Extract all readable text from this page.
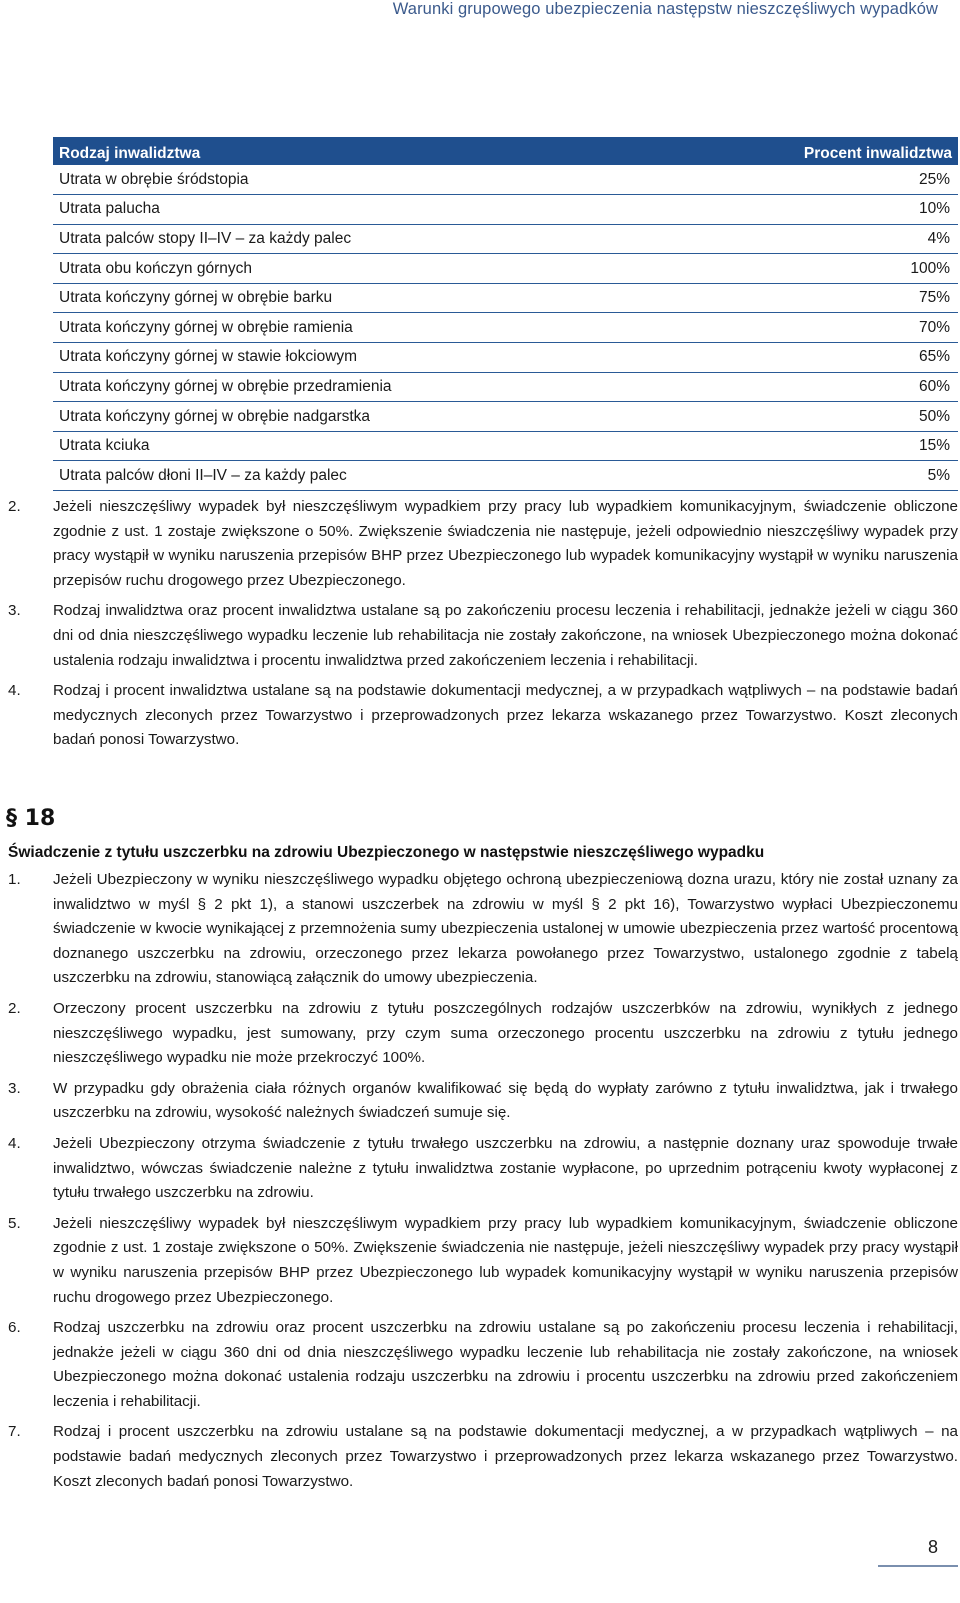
Warunki grupowego ubezpieczenia następstw nieszczęśliwych wypadków
Rodzaj inwalidztwa	Procent inwalidztwa

Utrata w obrębie śródstopia	25%
Utrata palucha	10%
Utrata palców stopy II–IV – za każdy palec	4%
Utrata obu kończyn górnych	100%
Utrata kończyny górnej w obrębie barku	75%
Utrata kończyny górnej w obrębie ramienia	70%
Utrata kończyny górnej w stawie łokciowym	65%
Utrata kończyny górnej w obrębie przedramienia	60%
Utrata kończyny górnej w obrębie nadgarstka	50%
Utrata kciuka	15%
Utrata palców dłoni II–IV – za każdy palec	5%
2. Jeżeli nieszczęśliwy wypadek był nieszczęśliwym wypadkiem przy pracy lub wypadkiem komunikacyjnym, świadczenie obliczone zgodnie z ust. 1 zostaje zwiększone o 50%. Zwiększenie świadczenia nie następuje, jeżeli odpowiednio nieszczęśliwy wypadek przy pracy wystąpił w wyniku naruszenia przepisów BHP przez Ubezpieczonego lub wypadek komunikacyjny wystąpił w wyniku naruszenia przepisów ruchu drogowego przez Ubezpieczonego.
3. Rodzaj inwalidztwa oraz procent inwalidztwa ustalane są po zakończeniu procesu leczenia i rehabilitacji, jednakże jeżeli w ciągu 360 dni od dnia nieszczęśliwego wypadku leczenie lub rehabilitacja nie zostały zakończone, na wniosek Ubezpieczonego można dokonać ustalenia rodzaju inwalidztwa i procentu inwalidztwa przed zakończeniem leczenia i rehabilitacji.
4. Rodzaj i procent inwalidztwa ustalane są na podstawie dokumentacji medycznej, a w przypadkach wątpliwych – na podstawie badań medycznych zleconych przez Towarzystwo i przeprowadzonych przez lekarza wskazanego przez Towarzystwo. Koszt zleconych badań ponosi Towarzystwo.
§ 18
Świadczenie z tytułu uszczerbku na zdrowiu Ubezpieczonego w następstwie nieszczęśliwego wypadku
1. Jeżeli Ubezpieczony w wyniku nieszczęśliwego wypadku objętego ochroną ubezpieczeniową dozna urazu, który nie został uznany za inwalidztwo w myśl § 2 pkt 1), a stanowi uszczerbek na zdrowiu w myśl § 2 pkt 16), Towarzystwo wypłaci Ubezpieczonemu świadczenie w kwocie wynikającej z przemnożenia sumy ubezpieczenia ustalonej w umowie ubezpieczenia przez wartość procentową doznanego uszczerbku na zdrowiu, orzeczonego przez lekarza powołanego przez Towarzystwo, ustalonego zgodnie z tabelą uszczerbku na zdrowiu, stanowiącą załącznik do umowy ubezpieczenia.
2. Orzeczony procent uszczerbku na zdrowiu z tytułu poszczególnych rodzajów uszczerbków na zdrowiu, wynikłych z jednego nieszczęśliwego wypadku, jest sumowany, przy czym suma orzeczonego procentu uszczerbku na zdrowiu z tytułu jednego nieszczęśliwego wypadku nie może przekroczyć 100%.
3. W przypadku gdy obrażenia ciała różnych organów kwalifikować się będą do wypłaty zarówno z tytułu inwalidztwa, jak i trwałego uszczerbku na zdrowiu, wysokość należnych świadczeń sumuje się.
4. Jeżeli Ubezpieczony otrzyma świadczenie z tytułu trwałego uszczerbku na zdrowiu, a następnie doznany uraz spowoduje trwałe inwalidztwo, wówczas świadczenie należne z tytułu inwalidztwa zostanie wypłacone, po uprzednim potrąceniu kwoty wypłaconej z tytułu trwałego uszczerbku na zdrowiu.
5. Jeżeli nieszczęśliwy wypadek był nieszczęśliwym wypadkiem przy pracy lub wypadkiem komunikacyjnym, świadczenie obliczone zgodnie z ust. 1 zostaje zwiększone o 50%. Zwiększenie świadczenia nie następuje, jeżeli nieszczęśliwy wypadek przy pracy wystąpił w wyniku naruszenia przepisów BHP przez Ubezpieczonego lub wypadek komunikacyjny wystąpił w wyniku naruszenia przepisów ruchu drogowego przez Ubezpieczonego.
6. Rodzaj uszczerbku na zdrowiu oraz procent uszczerbku na zdrowiu ustalane są po zakończeniu procesu leczenia i rehabilitacji, jednakże jeżeli w ciągu 360 dni od dnia nieszczęśliwego wypadku leczenie lub rehabilitacja nie zostały zakończone, na wniosek Ubezpieczonego można dokonać ustalenia rodzaju uszczerbku na zdrowiu i procentu uszczerbku na zdrowiu przed zakończeniem leczenia i rehabilitacji.
7. Rodzaj i procent uszczerbku na zdrowiu ustalane są na podstawie dokumentacji medycznej, a w przypadkach wątpliwych – na podstawie badań medycznych zleconych przez Towarzystwo i przeprowadzonych przez lekarza wskazanego przez Towarzystwo. Koszt zleconych badań ponosi Towarzystwo.
8
